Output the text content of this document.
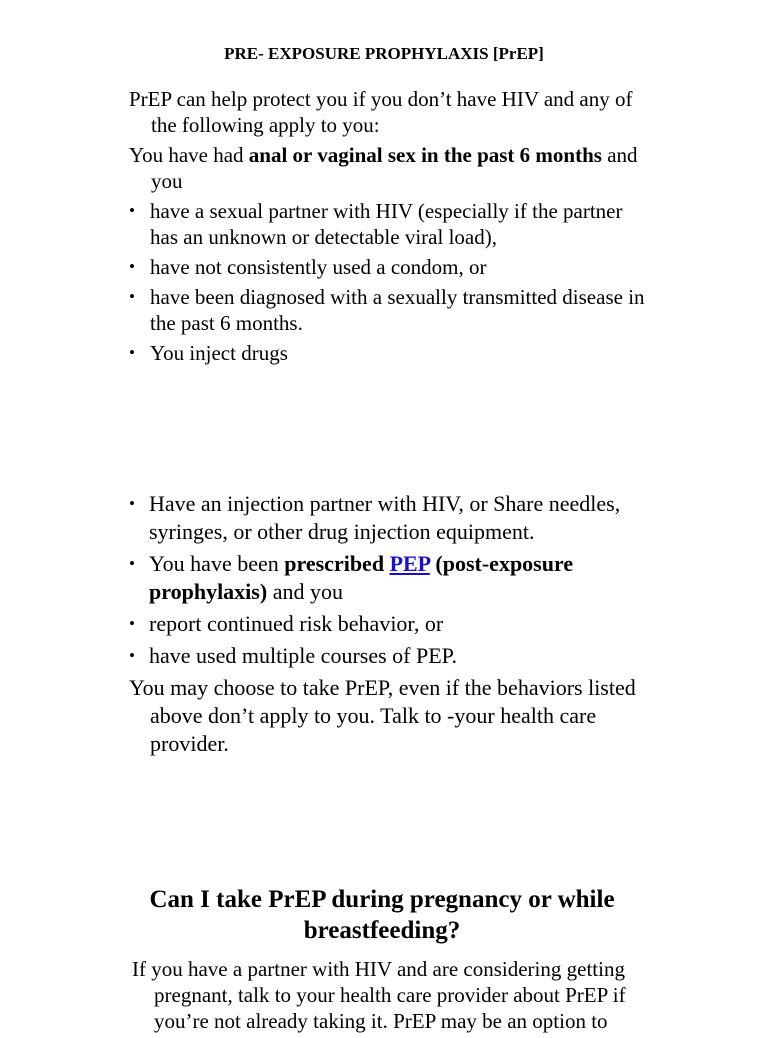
PRE- EXPOSURE PROPHYLAXIS [PrEP]

PrEP can help protect you if you don’t have HIV and any of the following apply to you:

You have had anal or vaginal sex in the past 6 months and you

• have a sexual partner with HIV (especially if the partner has an unknown or detectable viral load),
• have not consistently used a condom, or
• have been diagnosed with a sexually transmitted disease in the past 6 months.
• You inject drugs
• Have an injection partner with HIV, or Share needles, syringes, or other drug injection equipment.
• You have been prescribed PEP (post-exposure prophylaxis) and you
• report continued risk behavior, or
• have used multiple courses of PEP.

You may choose to take PrEP, even if the behaviors listed above don’t apply to you. Talk to -your health care provider.

Can I take PrEP during pregnancy or while breastfeeding?

If you have a partner with HIV and are considering getting pregnant, talk to your health care provider about PrEP if you’re not already taking it. PrEP may be an option to
